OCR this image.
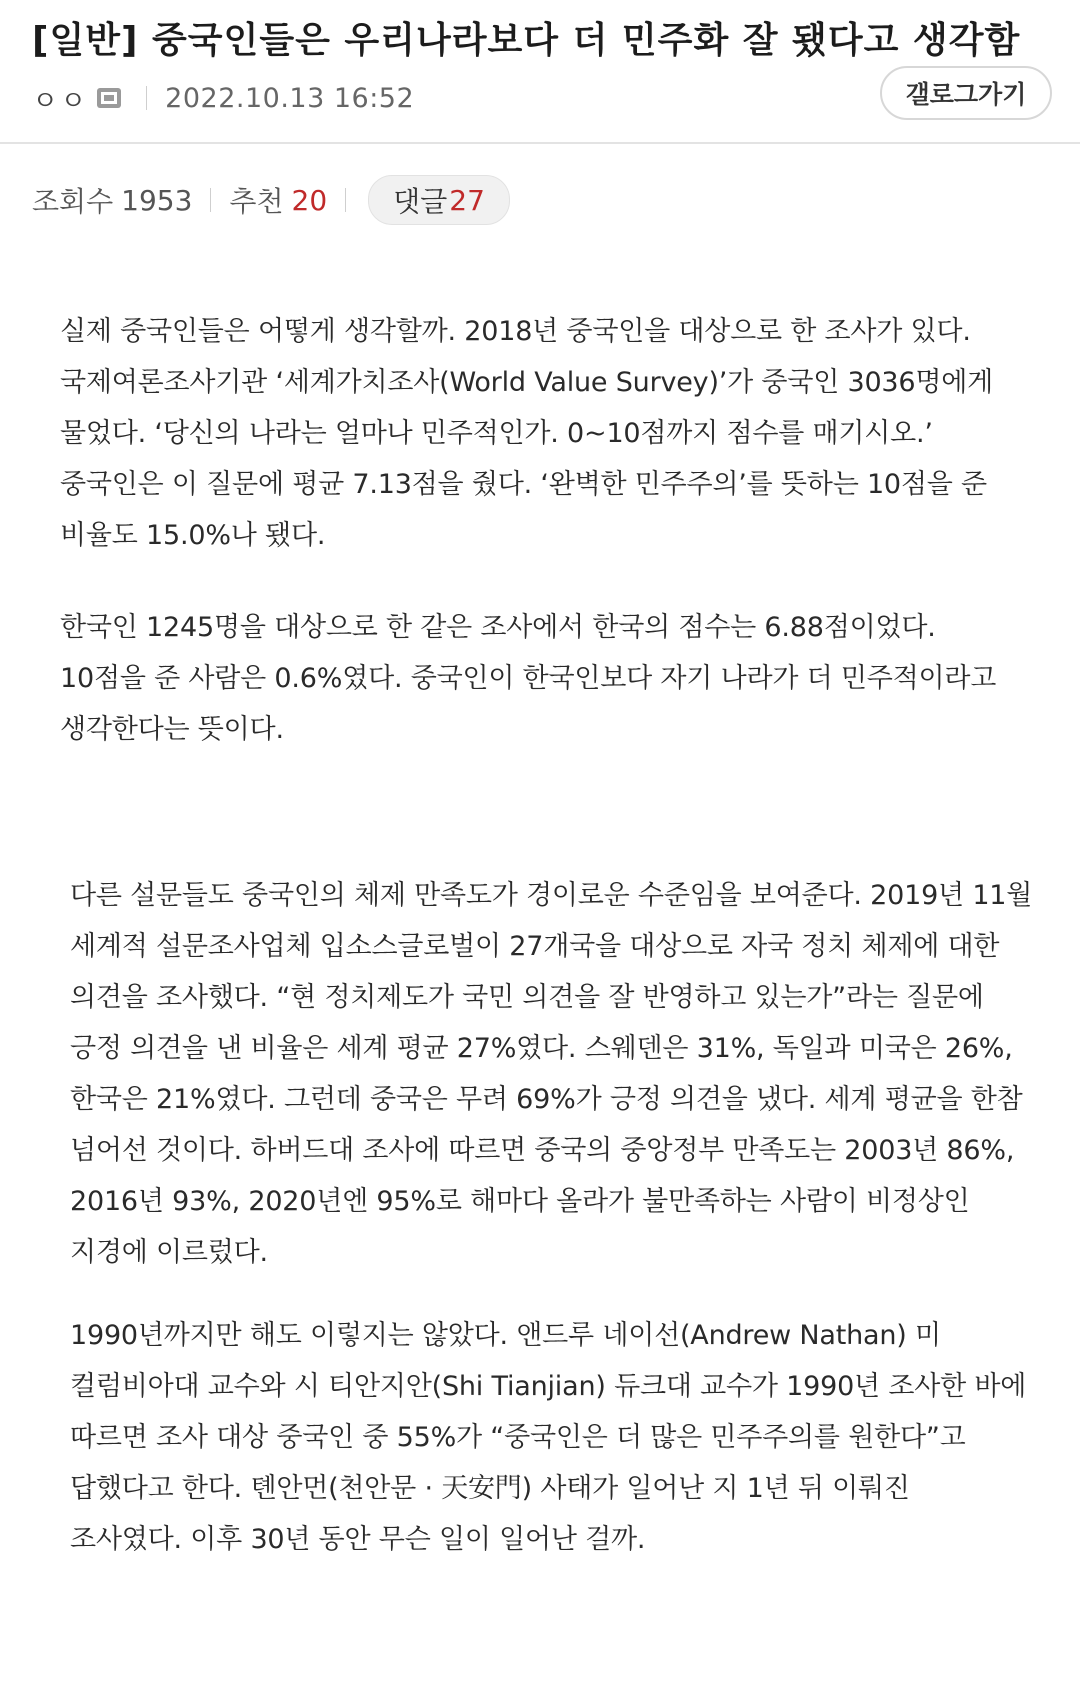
[일반] 중국인들은 우리나라보다 더 민주화 잘 됐다고 생각함
ㅇㅇ	2022.10.13 16:52	갤로그가기
조회수 1953 추천 20 댓글 27
실제 중국인들은 어떻게 생각할까. 2018년 중국인을 대상으로 한 조사가 있다.
국제여론조사기관 ‘세계가치조사(World Value Survey)’가 중국인 3036명에게
물었다. ‘당신의 나라는 얼마나 민주적인가. 0~10점까지 점수를 매기시오.’
중국인은 이 질문에 평균 7.13점을 줬다. ‘완벽한 민주주의’를 뜻하는 10점을 준
비율도 15.0%나 됐다.
한국인 1245명을 대상으로 한 같은 조사에서 한국의 점수는 6.88점이었다.
10점을 준 사람은 0.6%였다. 중국인이 한국인보다 자기 나라가 더 민주적이라고
생각한다는 뜻이다.
다른 설문들도 중국인의 체제 만족도가 경이로운 수준임을 보여준다. 2019년 11월
세계적 설문조사업체 입소스글로벌이 27개국을 대상으로 자국 정치 체제에 대한
의견을 조사했다. “현 정치제도가 국민 의견을 잘 반영하고 있는가”라는 질문에
긍정 의견을 낸 비율은 세계 평균 27%였다. 스웨덴은 31%, 독일과 미국은 26%,
한국은 21%였다. 그런데 중국은 무려 69%가 긍정 의견을 냈다. 세계 평균을 한참
넘어선 것이다. 하버드대 조사에 따르면 중국의 중앙정부 만족도는 2003년 86%,
2016년 93%, 2020년엔 95%로 해마다 올라가 불만족하는 사람이 비정상인
지경에 이르렀다.
1990년까지만 해도 이렇지는 않았다. 앤드루 네이선(Andrew Nathan) 미
컬럼비아대 교수와 시 티안지안(Shi Tianjian) 듀크대 교수가 1990년 조사한 바에
따르면 조사 대상 중국인 중 55%가 “중국인은 더 많은 민주주의를 원한다”고
답했다고 한다. 톈안먼(천안문 · 天安門) 사태가 일어난 지 1년 뒤 이뤄진
조사였다. 이후 30년 동안 무슨 일이 일어난 걸까.
